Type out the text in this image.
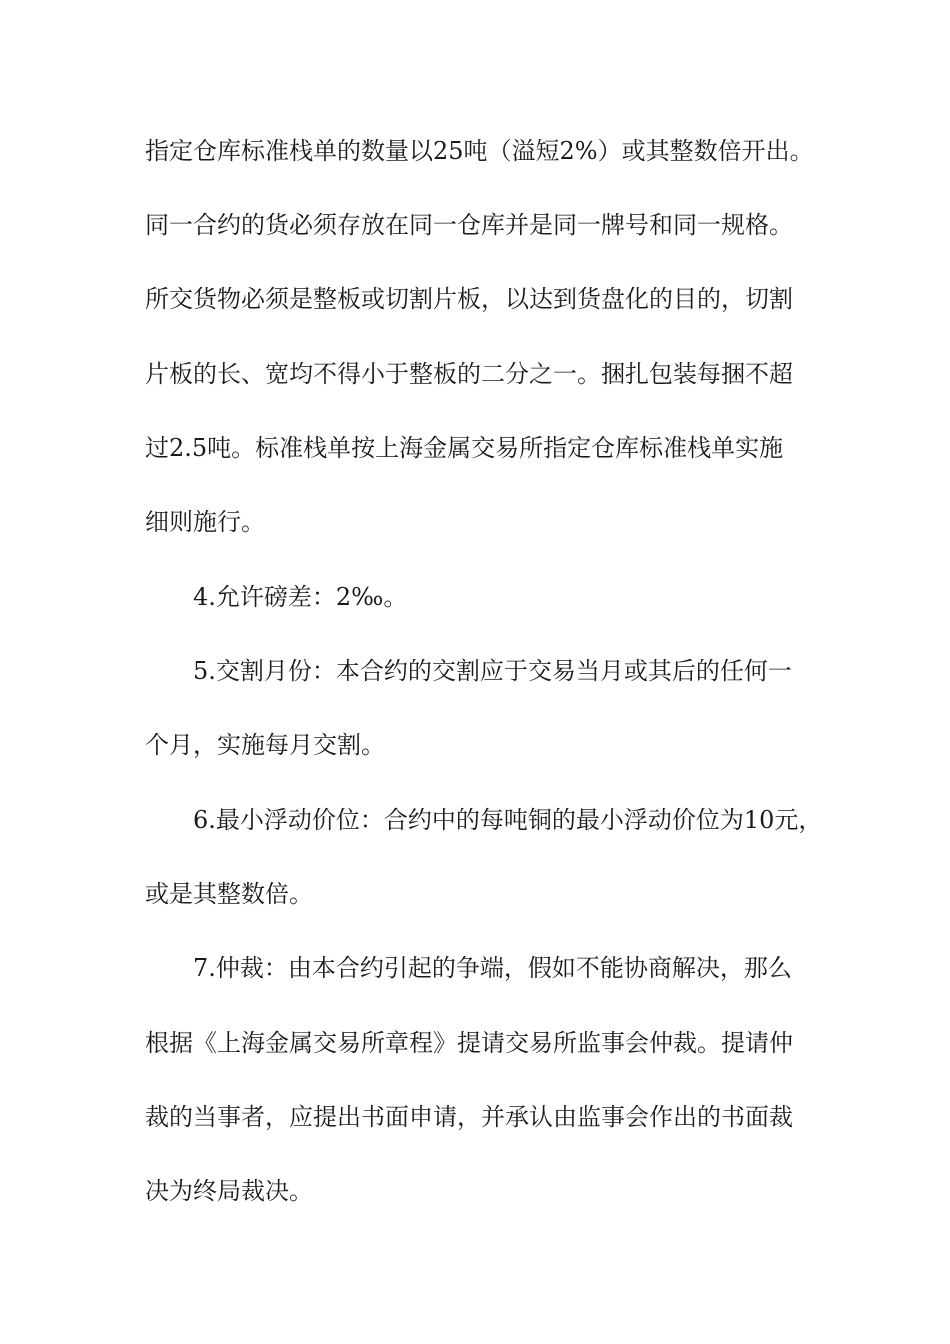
指定仓库标准栈单的数量以25吨（溢短2%）或其整数倍开出。
同一合约的货必须存放在同一仓库并是同一牌号和同一规格。
所交货物必须是整板或切割片板，以达到货盘化的目的，切割
片板的长、宽均不得小于整板的二分之一。捆扎包装每捆不超
过2.5吨。标准栈单按上海金属交易所指定仓库标准栈单实施
细则施行。
4.允许磅差：2‰。
5.交割月份：本合约的交割应于交易当月或其后的任何一
个月，实施每月交割。
6.最小浮动价位：合约中的每吨铜的最小浮动价位为10元，
或是其整数倍。
7.仲裁：由本合约引起的争端，假如不能协商解决，那么
根据《上海金属交易所章程》提请交易所监事会仲裁。提请仲
裁的当事者，应提出书面申请，并承认由监事会作出的书面裁
决为终局裁决。
